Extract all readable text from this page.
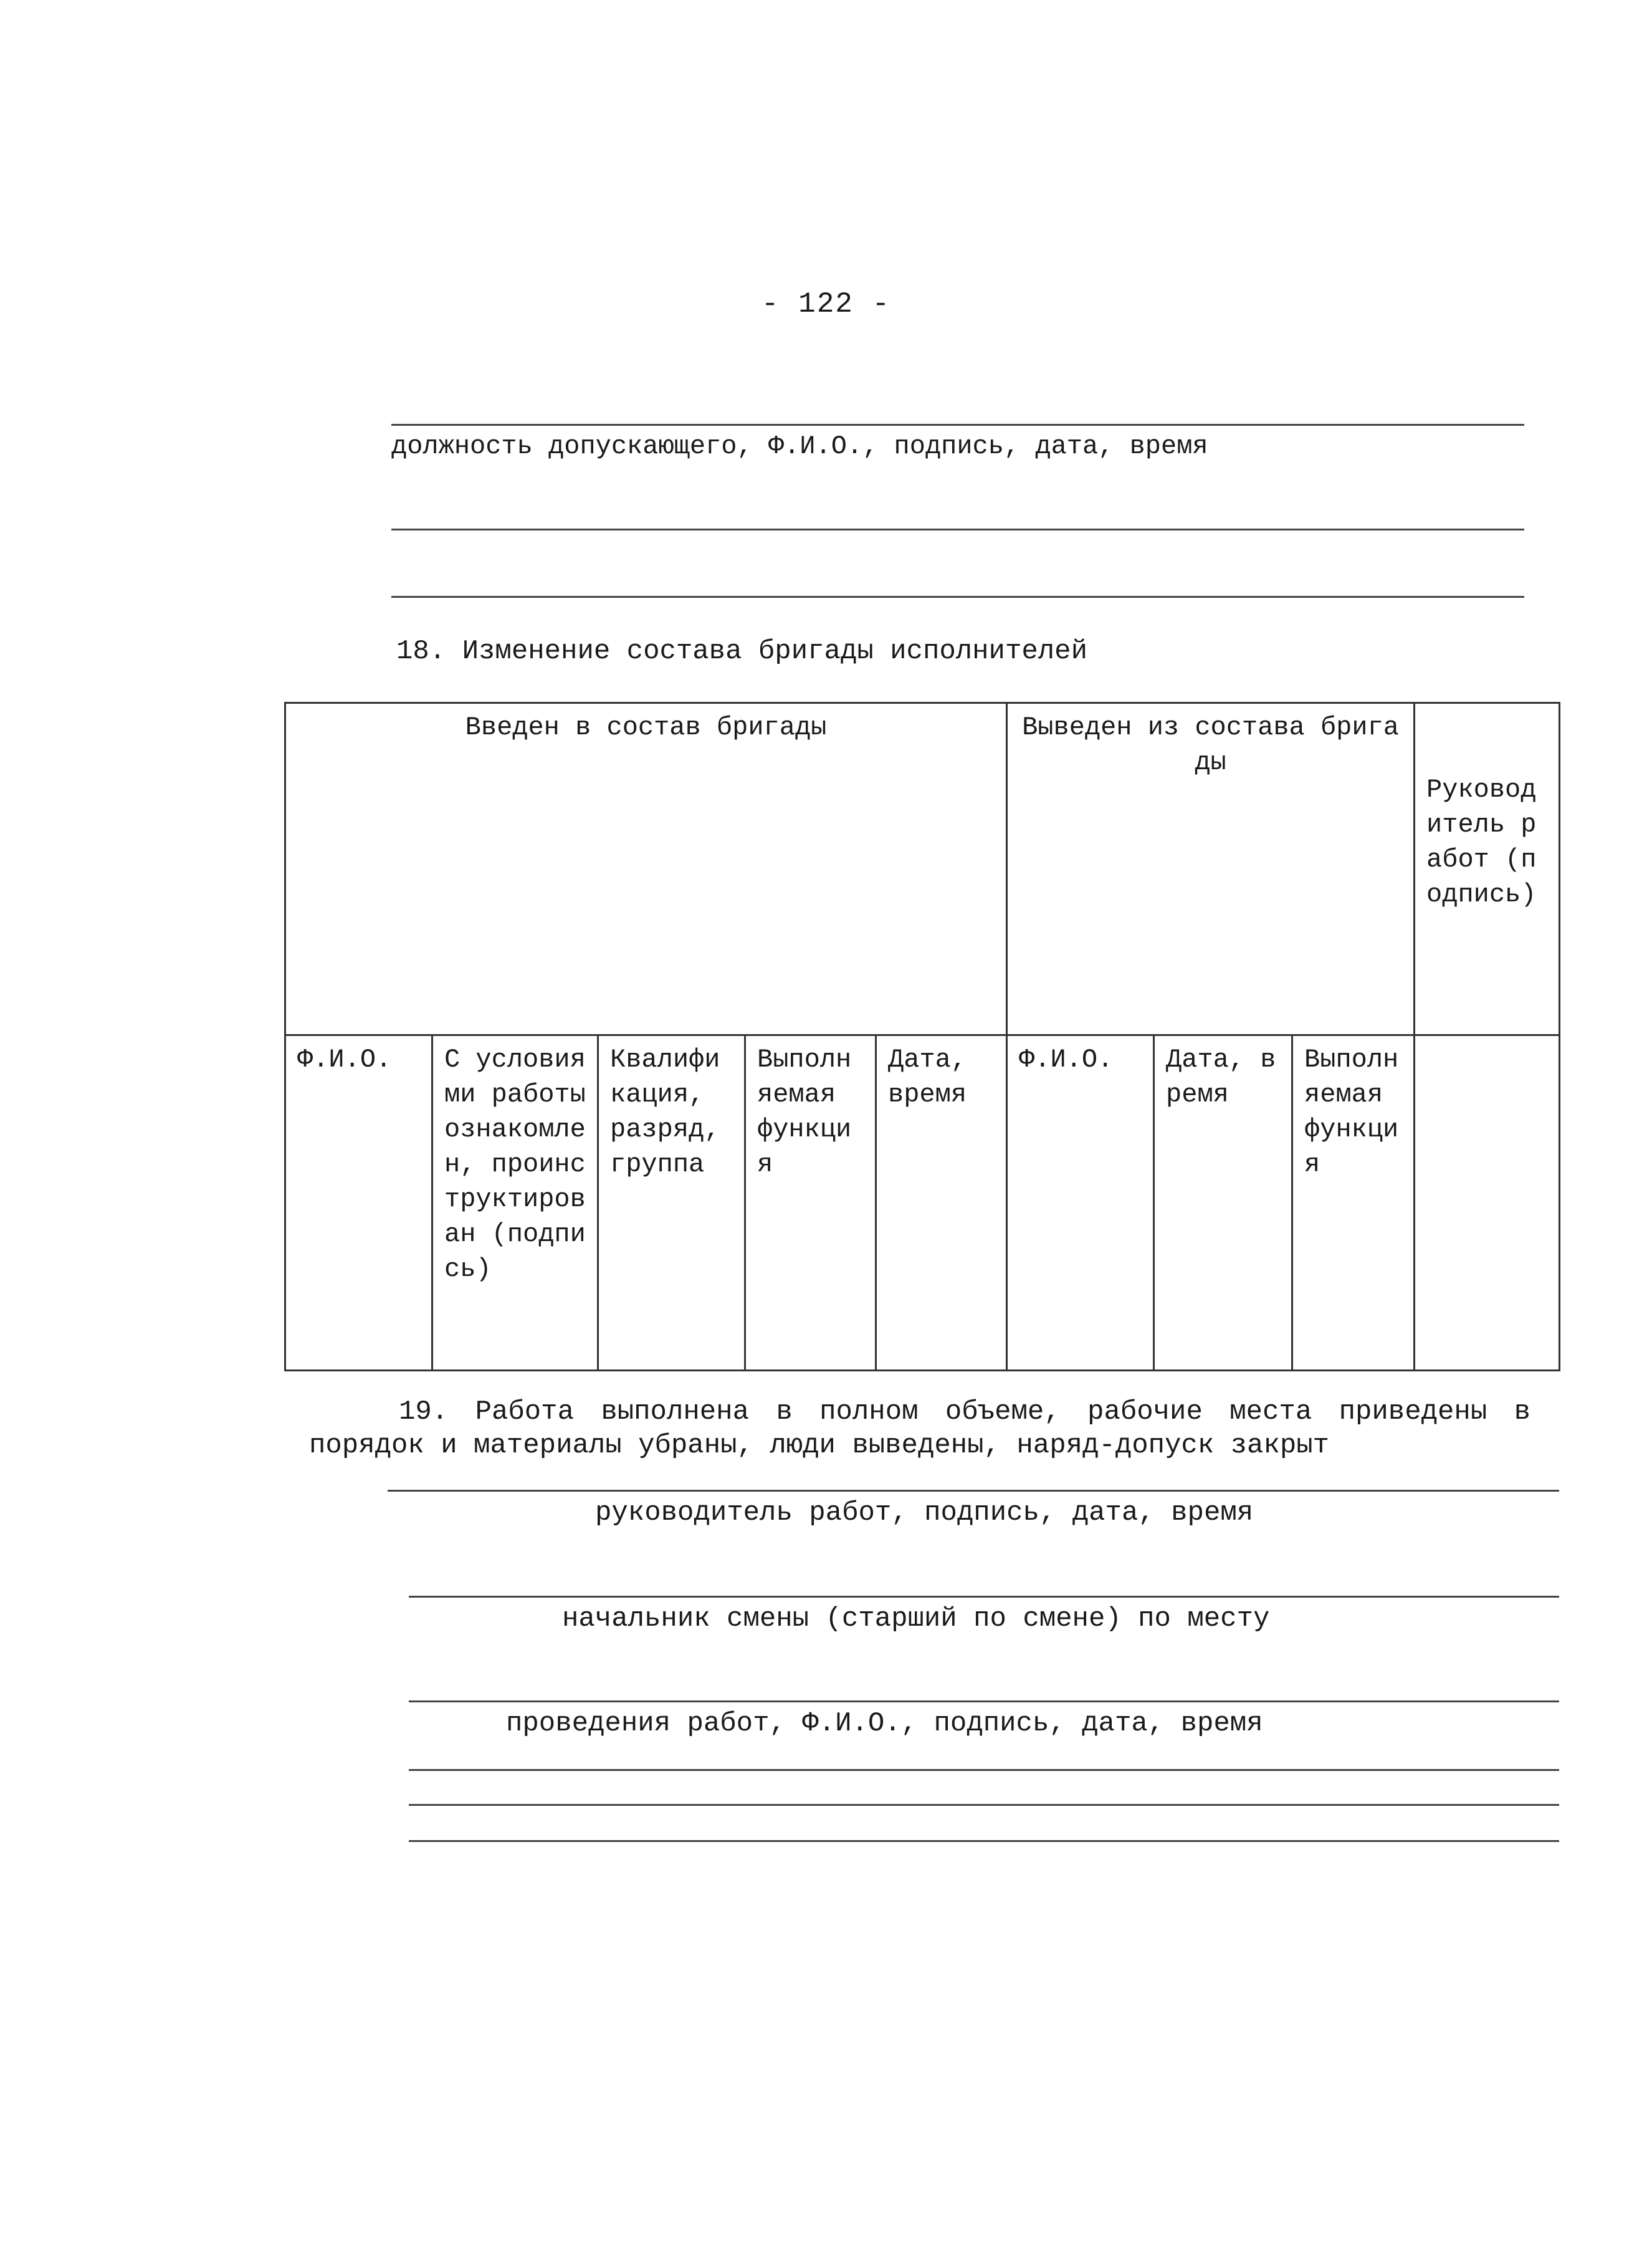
- 122 -
должность допускающего, Ф.И.О., подпись, дата, время
18. Изменение состава бригады исполнителей
Введен в состав бригады					Выведен из состава бригады			Руководитель работ (подпись)
Ф.И.О.	С условиями работы ознакомлен, проинструктирован (подпись)	Квалификация, разряд, группа	Выполняемая функция	Дата, время	Ф.И.О.	Дата, время	Выполняемая функция	
19. Работа выполнена в полном объеме, рабочие места приведены в порядок и материалы убраны, люди выведены, наряд-допуск закрыт
руководитель работ, подпись, дата, время
начальник смены (старший по смене) по месту
проведения работ, Ф.И.О., подпись, дата, время
